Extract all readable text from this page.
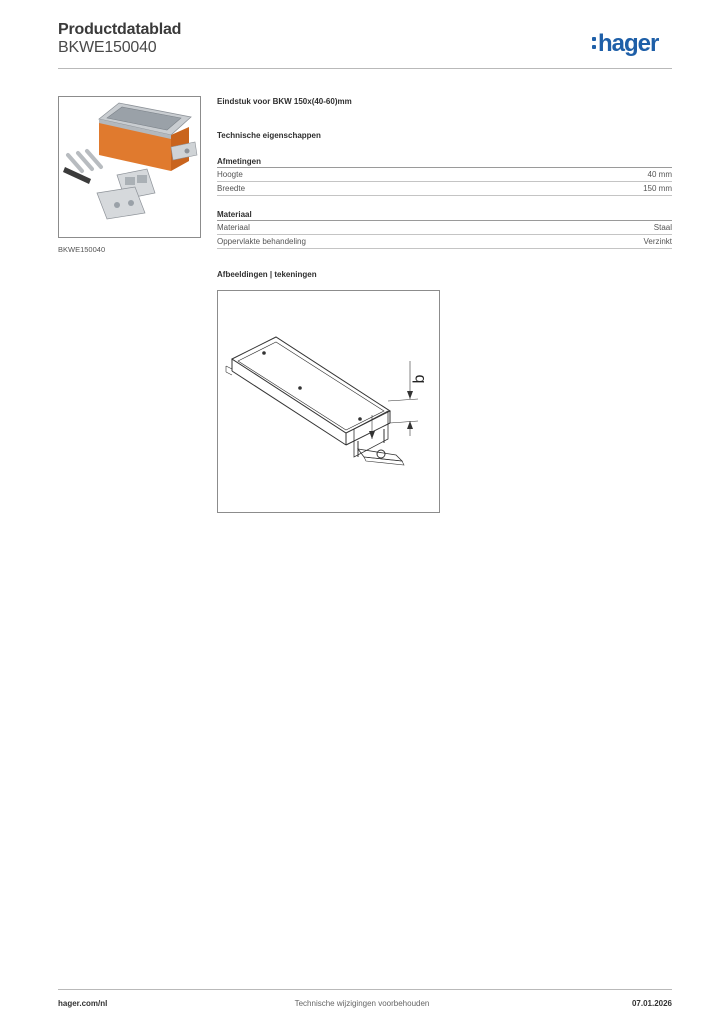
Productdatablad
BKWE150040	hager
BKWE150040
Eindstuk voor BKW 150x(40-60)mm
Technische eigenschappen
Afmetingen
Hoogte	40 mm
Breedte	150 mm
Materiaal
Materiaal	Staal
Oppervlakte behandeling	Verzinkt
Afbeeldingen | tekeningen
b
hager.com/nl	Technische wijzigingen voorbehouden	07.01.2026
